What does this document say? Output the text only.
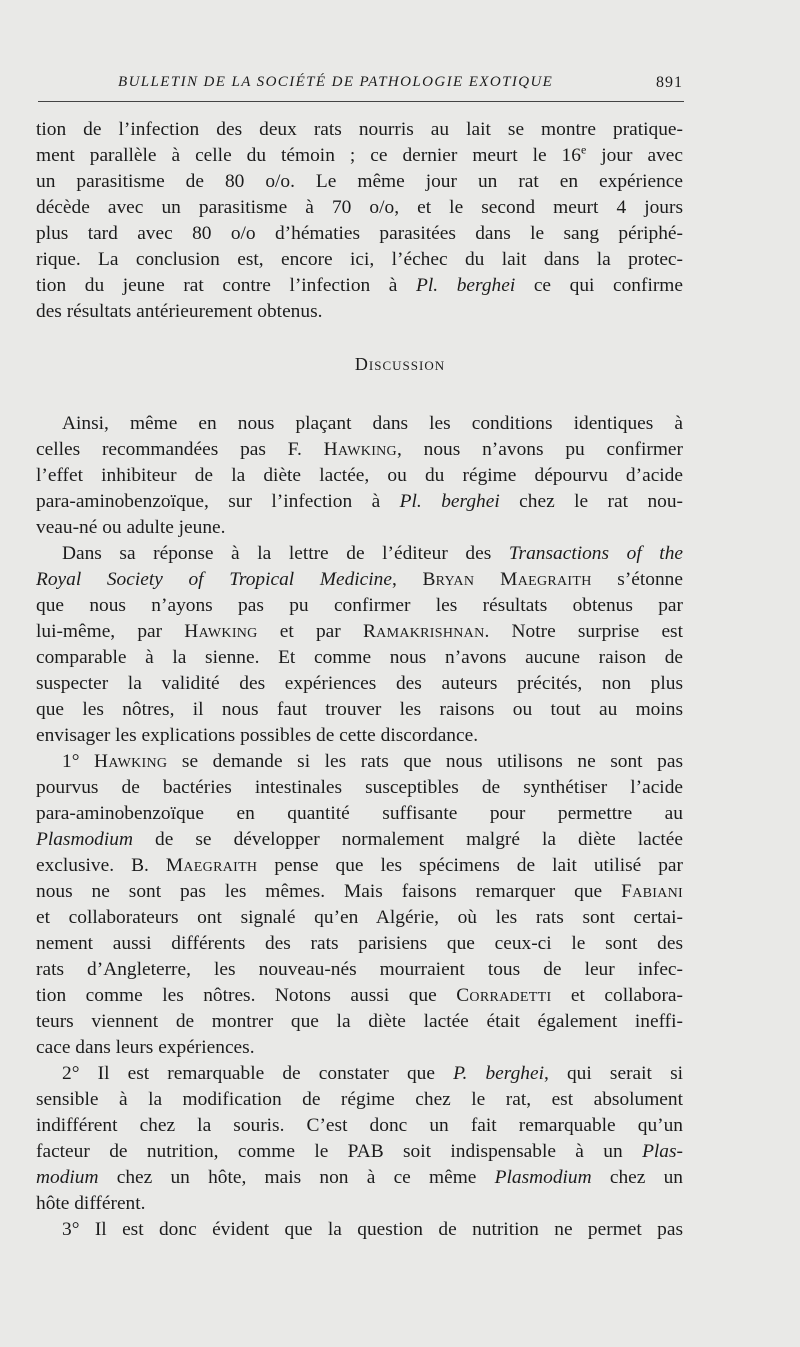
BULLETIN DE LA SOCIÉTÉ DE PATHOLOGIE EXOTIQUE	891
tion de l’infection des deux rats nourris au lait se montre pratique-
ment parallèle à celle du témoin ; ce dernier meurt le 16e jour avec
un parasitisme de 80 o/o. Le même jour un rat en expérience
décède avec un parasitisme à 70 o/o, et le second meurt 4 jours
plus tard avec 80 o/o d’hématies parasitées dans le sang périphé-
rique. La conclusion est, encore ici, l’échec du lait dans la protec-
tion du jeune rat contre l’infection à Pl. berghei ce qui confirme
des résultats antérieurement obtenus.
Discussion
Ainsi, même en nous plaçant dans les conditions identiques à
celles recommandées pas F. Hawking, nous n’avons pu confirmer
l’effet inhibiteur de la diète lactée, ou du régime dépourvu d’acide
para-aminobenzoïque, sur l’infection à Pl. berghei chez le rat nou-
veau-né ou adulte jeune.
Dans sa réponse à la lettre de l’éditeur des Transactions of the
Royal Society of Tropical Medicine, Bryan Maegraith s’étonne
que nous n’ayons pas pu confirmer les résultats obtenus par
lui-même, par Hawking et par Ramakrishnan. Notre surprise est
comparable à la sienne. Et comme nous n’avons aucune raison de
suspecter la validité des expériences des auteurs précités, non plus
que les nôtres, il nous faut trouver les raisons ou tout au moins
envisager les explications possibles de cette discordance.
1° Hawking se demande si les rats que nous utilisons ne sont pas
pourvus de bactéries intestinales susceptibles de synthétiser l’acide
para-aminobenzoïque en quantité suffisante pour permettre au
Plasmodium de se développer normalement malgré la diète lactée
exclusive. B. Maegraith pense que les spécimens de lait utilisé par
nous ne sont pas les mêmes. Mais faisons remarquer que Fabiani
et collaborateurs ont signalé qu’en Algérie, où les rats sont certai-
nement aussi différents des rats parisiens que ceux-ci le sont des
rats d’Angleterre, les nouveau-nés mourraient tous de leur infec-
tion comme les nôtres. Notons aussi que Corradetti et collabora-
teurs viennent de montrer que la diète lactée était également ineffi-
cace dans leurs expériences.
2° Il est remarquable de constater que P. berghei, qui serait si
sensible à la modification de régime chez le rat, est absolument
indifférent chez la souris. C’est donc un fait remarquable qu’un
facteur de nutrition, comme le PAB soit indispensable à un Plas-
modium chez un hôte, mais non à ce même Plasmodium chez un
hôte différent.
3° Il est donc évident que la question de nutrition ne permet pas
